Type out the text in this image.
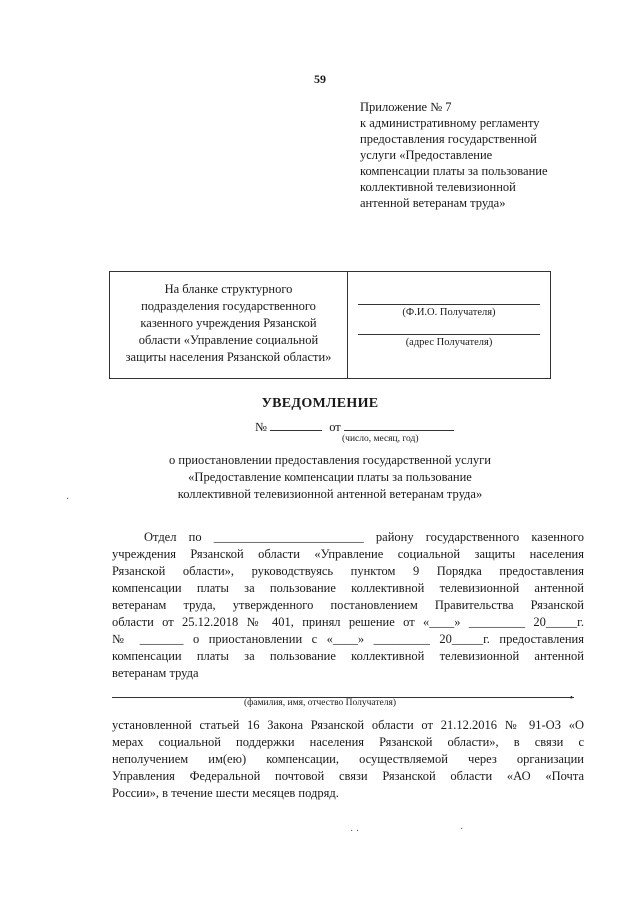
59
Приложение № 7
к административному регламенту
предоставления государственной
услуги «Предоставление
компенсации платы за пользование
коллективной телевизионной
антенной ветеранам труда»
На бланке структурного
подразделения государственного
казенного учреждения Рязанской
области «Управление социальной
защиты населения Рязанской области»
(Ф.И.О. Получателя)
(адрес Получателя)
УВЕДОМЛЕНИЕ
№	от
(число, месяц, год)
о приостановлении предоставления государственной услуги
«Предоставление компенсации платы за пользование
коллективной телевизионной антенной ветеранам труда»
Отдел по ________________________ району государственного казенного
учреждения Рязанской области «Управление социальной защиты населения
Рязанской области», руководствуясь пунктом 9 Порядка предоставления
компенсации платы за пользование коллективной телевизионной антенной
ветеранам труда, утвержденного постановлением Правительства Рязанской
области от 25.12.2018 № 401, принял решение от «____» _________ 20_____г.
№ _______ о приостановлении с «____» _________ 20_____г. предоставления
компенсации платы за пользование коллективной телевизионной антенной
ветеранам труда
,
(фамилия, имя, отчество Получателя)
установленной статьей 16 Закона Рязанской области от 21.12.2016 № 91-ОЗ «О
мерах социальной поддержки населения Рязанской области», в связи с
неполучением им(ею) компенсации, осуществляемой через организации
Управления Федеральной почтовой связи Рязанской области «АО «Почта
России», в течение шести месяцев подряд.
·
· ·	·
